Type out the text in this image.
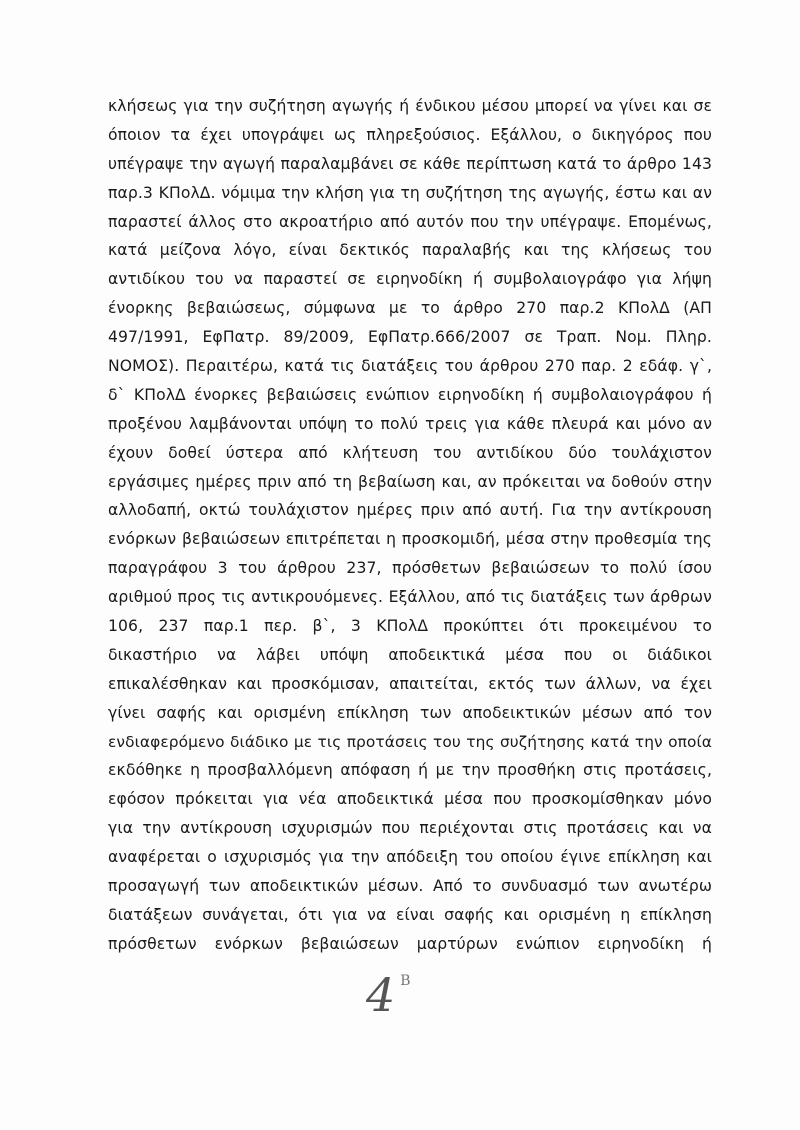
κλήσεως για την συζήτηση αγωγής ή ένδικου μέσου μπορεί να γίνει και σε
όποιον τα έχει υπογράψει ως πληρεξούσιος. Εξάλλου, ο δικηγόρος που
υπέγραψε την αγωγή παραλαμβάνει σε κάθε περίπτωση κατά το άρθρο 143
παρ.3 ΚΠολΔ. νόμιμα την κλήση για τη συζήτηση της αγωγής, έστω και αν
παραστεί άλλος στο ακροατήριο από αυτόν που την υπέγραψε. Επομένως,
κατά μείζονα λόγο, είναι δεκτικός παραλαβής και της κλήσεως του
αντιδίκου του να παραστεί σε ειρηνοδίκη ή συμβολαιογράφο για λήψη
ένορκης βεβαιώσεως, σύμφωνα με το άρθρο 270 παρ.2 ΚΠολΔ (ΑΠ
497/1991, ΕφΠατρ. 89/2009, ΕφΠατρ.666/2007 σε Τραπ. Νομ. Πληρ.
ΝΟΜΟΣ). Περαιτέρω, κατά τις διατάξεις του άρθρου 270 παρ. 2 εδάφ. γ`,
δ` ΚΠολΔ ένορκες βεβαιώσεις ενώπιον ειρηνοδίκη ή συμβολαιογράφου ή
προξένου λαμβάνονται υπόψη το πολύ τρεις για κάθε πλευρά και μόνο αν
έχουν δοθεί ύστερα από κλήτευση του αντιδίκου δύο τουλάχιστον
εργάσιμες ημέρες πριν από τη βεβαίωση και, αν πρόκειται να δοθούν στην
αλλοδαπή, οκτώ τουλάχιστον ημέρες πριν από αυτή. Για την αντίκρουση
ενόρκων βεβαιώσεων επιτρέπεται η προσκομιδή, μέσα στην προθεσμία της
παραγράφου 3 του άρθρου 237, πρόσθετων βεβαιώσεων το πολύ ίσου
αριθμού προς τις αντικρουόμενες. Εξάλλου, από τις διατάξεις των άρθρων
106, 237 παρ.1 περ. β`, 3 ΚΠολΔ προκύπτει ότι προκειμένου το
δικαστήριο να λάβει υπόψη αποδεικτικά μέσα που οι διάδικοι
επικαλέσθηκαν και προσκόμισαν, απαιτείται, εκτός των άλλων, να έχει
γίνει σαφής και ορισμένη επίκληση των αποδεικτικών μέσων από τον
ενδιαφερόμενο διάδικο με τις προτάσεις του της συζήτησης κατά την οποία
εκδόθηκε η προσβαλλόμενη απόφαση ή με την προσθήκη στις προτάσεις,
εφόσον πρόκειται για νέα αποδεικτικά μέσα που προσκομίσθηκαν μόνο
για την αντίκρουση ισχυρισμών που περιέχονται στις προτάσεις και να
αναφέρεται ο ισχυρισμός για την απόδειξη του οποίου έγινε επίκληση και
προσαγωγή των αποδεικτικών μέσων. Από το συνδυασμό των ανωτέρω
διατάξεων συνάγεται, ότι για να είναι σαφής και ορισμένη η επίκληση
πρόσθετων ενόρκων βεβαιώσεων μαρτύρων ενώπιον ειρηνοδίκη ή
4 Β
